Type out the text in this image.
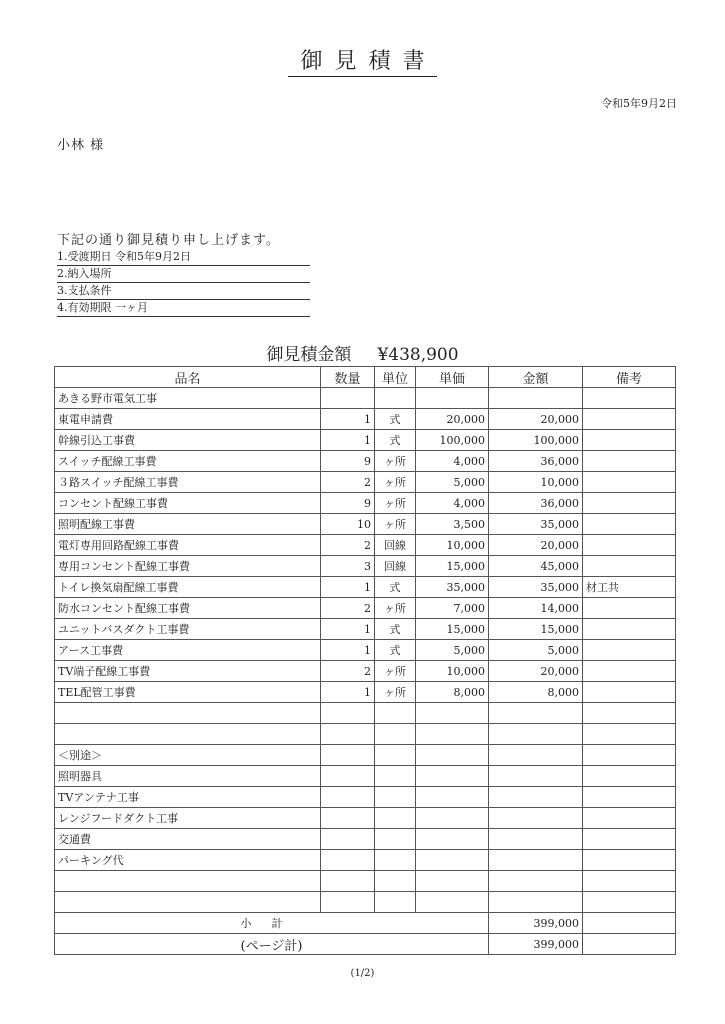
御見積書
令和5年9月2日
小林 様
下記の通り御見積り申し上げます。
1.受渡期日 令和5年9月2日
2.納入場所
3.支払条件
4.有効期限 一ヶ月
御見積金額 ¥438,900
品名	数量	単位	単価	金額	備考
あきる野市電気工事					
東電申請費	1	式	20,000	20,000	
幹線引込工事費	1	式	100,000	100,000	
スイッチ配線工事費	9	ヶ所	4,000	36,000	
３路スイッチ配線工事費	2	ヶ所	5,000	10,000	
コンセント配線工事費	9	ヶ所	4,000	36,000	
照明配線工事費	10	ヶ所	3,500	35,000	
電灯専用回路配線工事費	2	回線	10,000	20,000	
専用コンセント配線工事費	3	回線	15,000	45,000	
トイレ換気扇配線工事費	1	式	35,000	35,000	材工共
防水コンセント配線工事費	2	ヶ所	7,000	14,000	
ユニットバスダクト工事費	1	式	15,000	15,000	
アース工事費	1	式	5,000	5,000	
TV端子配線工事費	2	ヶ所	10,000	20,000	
TEL配管工事費	1	ヶ所	8,000	8,000	

＜別途＞					
照明器具					
TVアンテナ工事					
レンジフードダクト工事					
交通費					
パーキング代					

小計				399,000	
(ページ計)				399,000	
(1/2)
